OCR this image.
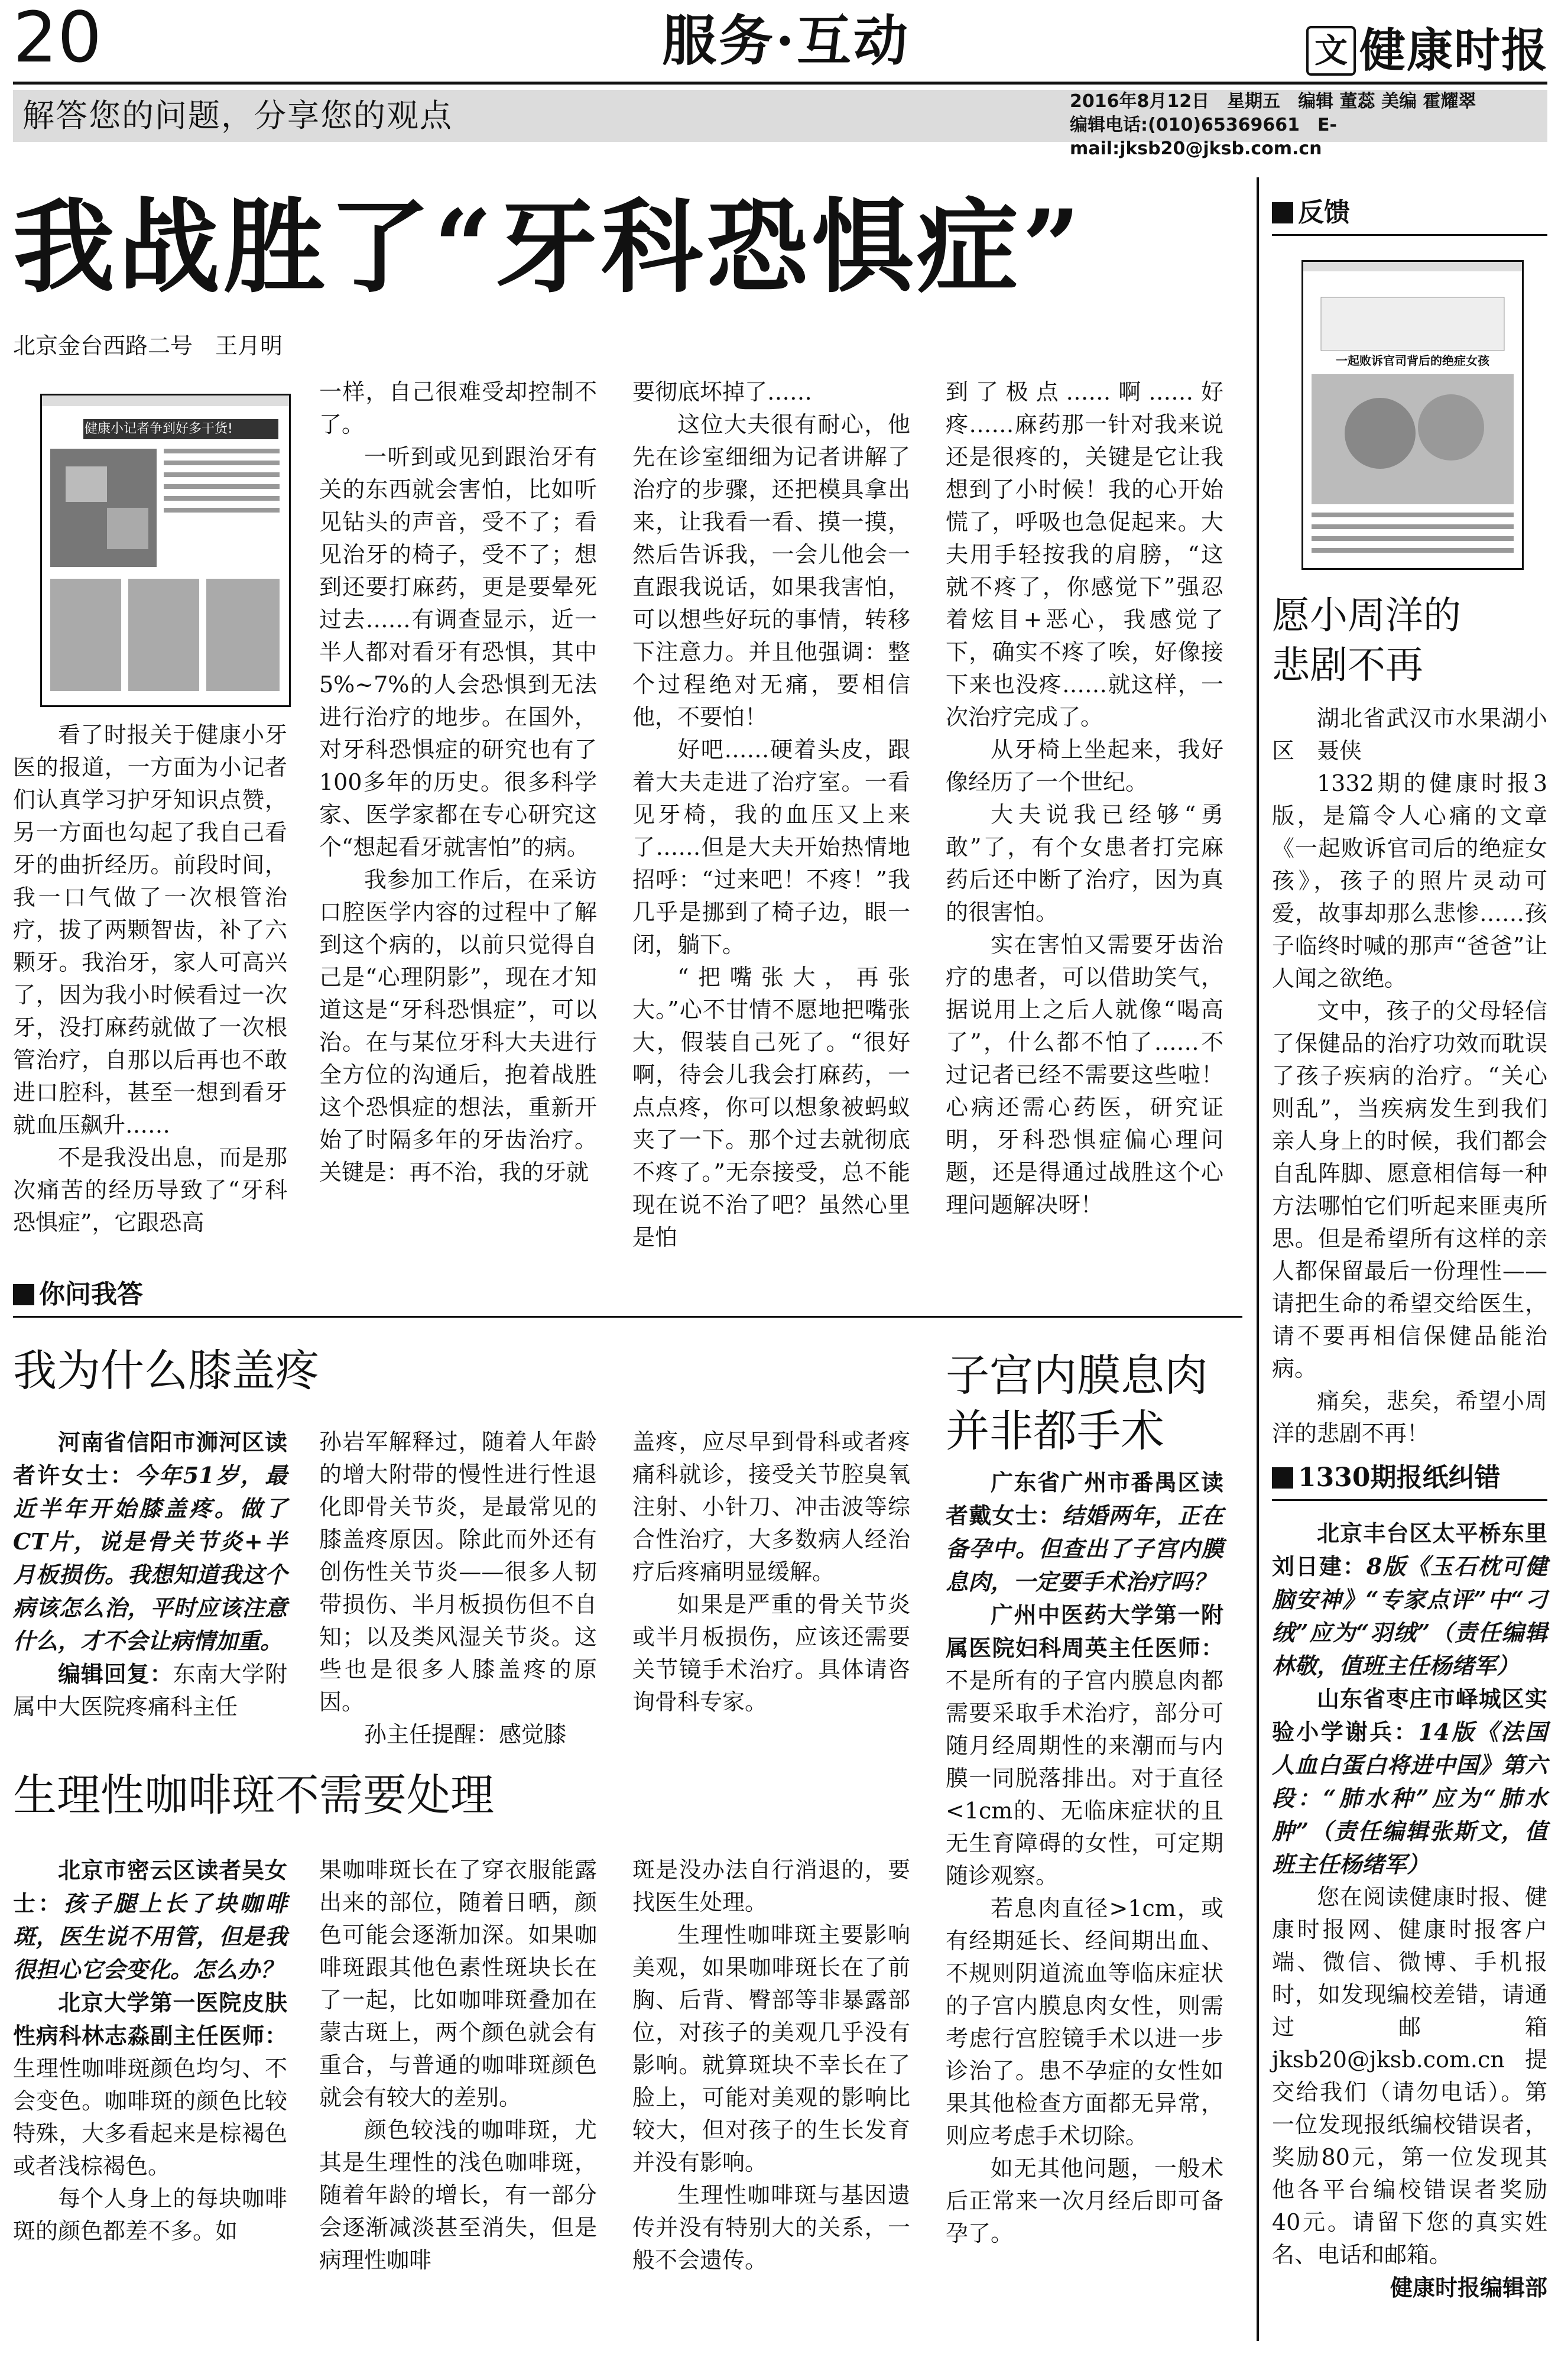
20	服务·互动	文 健康时报
解答您的问题，分享您的观点	2016年8月12日　星期五　编辑 董蕊 美编 霍耀翠
编辑电话:(010)65369661　E-mail:jksb20@jksb.com.cn
我战胜了“牙科恐惧症”
北京金台西路二号　王月明
健康小记者争到好多干货!

看了时报关于健康小牙医的报道，一方面为小记者们认真学习护牙知识点赞，另一方面也勾起了我自己看牙的曲折经历。前段时间，我一口气做了一次根管治疗，拔了两颗智齿，补了六颗牙。我治牙，家人可高兴了，因为我小时候看过一次牙，没打麻药就做了一次根管治疗，自那以后再也不敢进口腔科，甚至一想到看牙就血压飙升……

不是我没出息，而是那次痛苦的经历导致了“牙科恐惧症”，它跟恐高

一样，自己很难受却控制不了。

一听到或见到跟治牙有关的东西就会害怕，比如听见钻头的声音，受不了；看见治牙的椅子，受不了；想到还要打麻药，更是要晕死过去……有调查显示，近一半人都对看牙有恐惧，其中5%~7%的人会恐惧到无法进行治疗的地步。在国外，对牙科恐惧症的研究也有了100多年的历史。很多科学家、医学家都在专心研究这个“想起看牙就害怕”的病。

我参加工作后，在采访口腔医学内容的过程中了解到这个病的，以前只觉得自己是“心理阴影”，现在才知道这是“牙科恐惧症”，可以治。在与某位牙科大夫进行全方位的沟通后，抱着战胜这个恐惧症的想法，重新开始了时隔多年的牙齿治疗。关键是：再不治，我的牙就

要彻底坏掉了……

这位大夫很有耐心，他先在诊室细细为记者讲解了治疗的步骤，还把模具拿出来，让我看一看、摸一摸，然后告诉我，一会儿他会一直跟我说话，如果我害怕，可以想些好玩的事情，转移下注意力。并且他强调：整个过程绝对无痛，要相信他，不要怕！

好吧……硬着头皮，跟着大夫走进了治疗室。一看见牙椅，我的血压又上来了……但是大夫开始热情地招呼：“过来吧！不疼！”我几乎是挪到了椅子边，眼一闭，躺下。

“把嘴张大，再张大。”心不甘情不愿地把嘴张大，假装自己死了。“很好啊，待会儿我会打麻药，一点点疼，你可以想象被蚂蚁夹了一下。那个过去就彻底不疼了。”无奈接受，总不能现在说不治了吧？虽然心里是怕

到了极点……啊……好疼……麻药那一针对我来说还是很疼的，关键是它让我想到了小时候！我的心开始慌了，呼吸也急促起来。大夫用手轻按我的肩膀，“这就不疼了，你感觉下”强忍着炫目+恶心，我感觉了下，确实不疼了唉，好像接下来也没疼……就这样，一次治疗完成了。

从牙椅上坐起来，我好像经历了一个世纪。

大夫说我已经够“勇敢”了，有个女患者打完麻药后还中断了治疗，因为真的很害怕。

实在害怕又需要牙齿治疗的患者，可以借助笑气，据说用上之后人就像“喝高了”，什么都不怕了……不过记者已经不需要这些啦！心病还需心药医，研究证明，牙科恐惧症偏心理问题，还是得通过战胜这个心理问题解决呀！

你问我答
我为什么膝盖疼

河南省信阳市浉河区读者许女士：今年51岁，最近半年开始膝盖疼。做了CT片，说是骨关节炎+半月板损伤。我想知道我这个病该怎么治，平时应该注意什么，才不会让病情加重。

编辑回复：东南大学附属中大医院疼痛科主任

孙岩军解释过，随着人年龄的增大附带的慢性进行性退化即骨关节炎，是最常见的膝盖疼原因。除此而外还有创伤性关节炎——很多人韧带损伤、半月板损伤但不自知；以及类风湿关节炎。这些也是很多人膝盖疼的原因。

孙主任提醒：感觉膝

盖疼，应尽早到骨科或者疼痛科就诊，接受关节腔臭氧注射、小针刀、冲击波等综合性治疗，大多数病人经治疗后疼痛明显缓解。

如果是严重的骨关节炎或半月板损伤，应该还需要关节镜手术治疗。具体请咨询骨科专家。

生理性咖啡斑不需要处理

北京市密云区读者吴女士：孩子腿上长了块咖啡斑，医生说不用管，但是我很担心它会变化。怎么办？

北京大学第一医院皮肤性病科林志淼副主任医师：生理性咖啡斑颜色均匀、不会变色。咖啡斑的颜色比较特殊，大多看起来是棕褐色或者浅棕褐色。

每个人身上的每块咖啡斑的颜色都差不多。如

果咖啡斑长在了穿衣服能露出来的部位，随着日晒，颜色可能会逐渐加深。如果咖啡斑跟其他色素性斑块长在了一起，比如咖啡斑叠加在蒙古斑上，两个颜色就会有重合，与普通的咖啡斑颜色就会有较大的差别。

颜色较浅的咖啡斑，尤其是生理性的浅色咖啡斑，随着年龄的增长，有一部分会逐渐减淡甚至消失，但是病理性咖啡

斑是没办法自行消退的，要找医生处理。

生理性咖啡斑主要影响美观，如果咖啡斑长在了前胸、后背、臀部等非暴露部位，对孩子的美观几乎没有影响。就算斑块不幸长在了脸上，可能对美观的影响比较大，但对孩子的生长发育并没有影响。

生理性咖啡斑与基因遗传并没有特别大的关系，一般不会遗传。

子宫内膜息肉
并非都手术

广东省广州市番禺区读者戴女士：结婚两年，正在备孕中。但查出了子宫内膜息肉，一定要手术治疗吗？

广州中医药大学第一附属医院妇科周英主任医师：不是所有的子宫内膜息肉都需要采取手术治疗，部分可随月经周期性的来潮而与内膜一同脱落排出。对于直径<1cm的、无临床症状的且无生育障碍的女性，可定期随诊观察。

若息肉直径>1cm，或有经期延长、经间期出血、不规则阴道流血等临床症状的子宫内膜息肉女性，则需考虑行宫腔镜手术以进一步诊治了。患不孕症的女性如果其他检查方面都无异常，则应考虑手术切除。

如无其他问题，一般术后正常来一次月经后即可备孕了。

反馈
一起败诉官司背后的绝症女孩
愿小周洋的
悲剧不再

湖北省武汉市水果湖小区　聂侠

1332期的健康时报3版，是篇令人心痛的文章《一起败诉官司后的绝症女孩》，孩子的照片灵动可爱，故事却那么悲惨……孩子临终时喊的那声“爸爸”让人闻之欲绝。

文中，孩子的父母轻信了保健品的治疗功效而耽误了孩子疾病的治疗。“关心则乱”，当疾病发生到我们亲人身上的时候，我们都会自乱阵脚、愿意相信每一种方法哪怕它们听起来匪夷所思。但是希望所有这样的亲人都保留最后一份理性——请把生命的希望交给医生，请不要再相信保健品能治病。

痛矣，悲矣，希望小周洋的悲剧不再！

1330期报纸纠错

北京丰台区太平桥东里刘日建：8版《玉石枕可健脑安神》“专家点评”中“刁绒”应为“羽绒”（责任编辑林敬，值班主任杨绪军）

山东省枣庄市峄城区实验小学谢兵：14版《法国人血白蛋白将进中国》第六段：“肺水种”应为“肺水肿”（责任编辑张斯文，值班主任杨绪军）

您在阅读健康时报、健康时报网、健康时报客户端、微信、微博、手机报时，如发现编校差错，请通过邮箱jksb20@jksb.com.cn提交给我们（请勿电话）。第一位发现报纸编校错误者，奖励80元，第一位发现其他各平台编校错误者奖励40元。请留下您的真实姓名、电话和邮箱。

健康时报编辑部
